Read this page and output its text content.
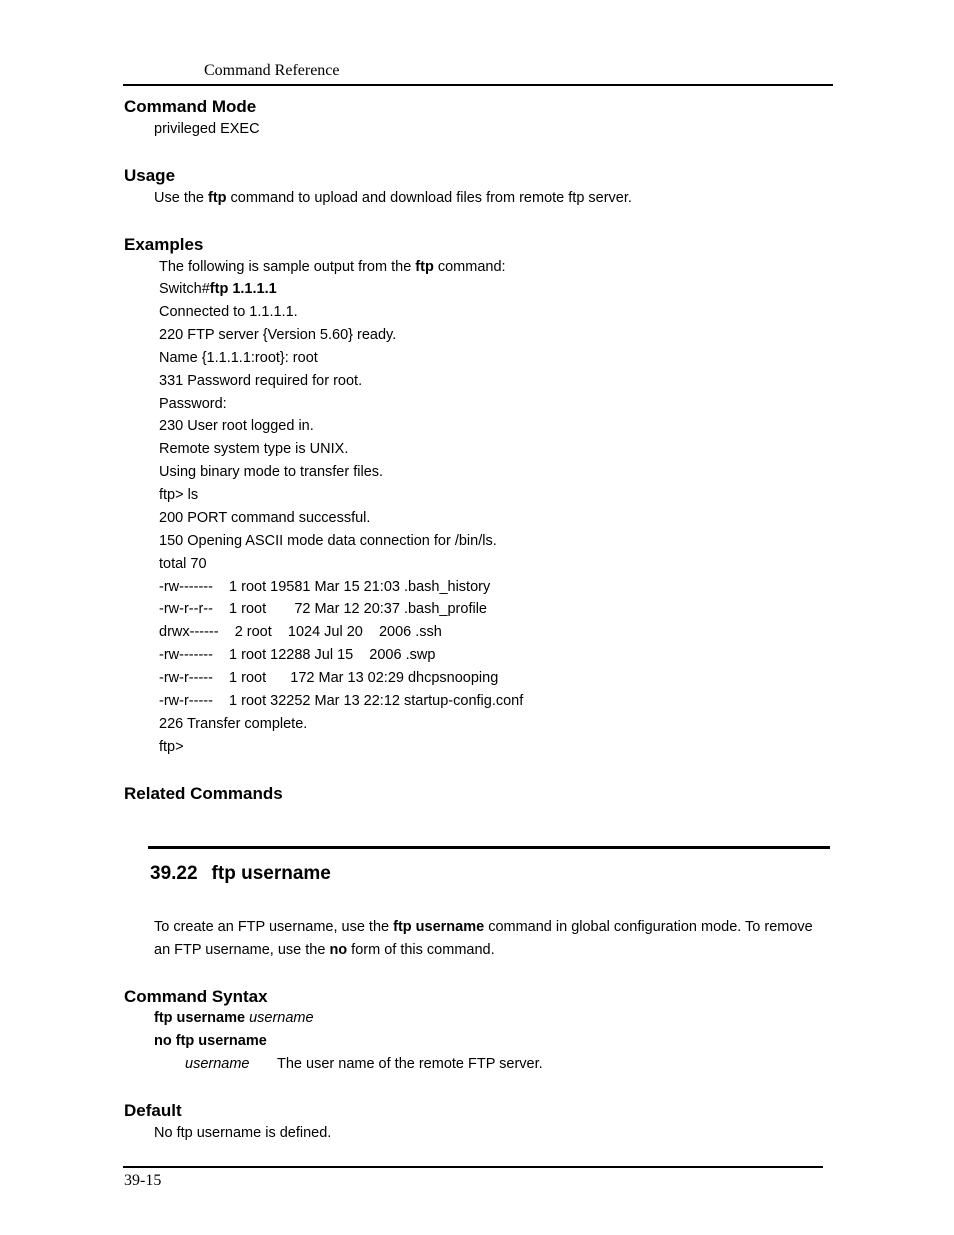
Command Reference
Command Mode
privileged EXEC
Usage
Use the ftp command to upload and download files from remote ftp server.
Examples
The following is sample output from the ftp command:
Switch#ftp 1.1.1.1
Connected to 1.1.1.1.
220 FTP server {Version 5.60} ready.
Name {1.1.1.1:root}: root
331 Password required for root.
Password:
230 User root logged in.
Remote system type is UNIX.
Using binary mode to transfer files.
ftp> ls
200 PORT command successful.
150 Opening ASCII mode data connection for /bin/ls.
total 70
-rw-------    1 root 19581 Mar 15 21:03 .bash_history
-rw-r--r--    1 root       72 Mar 12 20:37 .bash_profile
drwx------    2 root    1024 Jul 20    2006 .ssh
-rw-------    1 root 12288 Jul 15    2006 .swp
-rw-r-----    1 root      172 Mar 13 02:29 dhcpsnooping
-rw-r-----    1 root 32252 Mar 13 22:12 startup-config.conf
226 Transfer complete.
ftp>
Related Commands
39.22 ftp username
To create an FTP username, use the ftp username command in global configuration mode. To remove
an FTP username, use the no form of this command.
Command Syntax
ftp username username
no ftp username
username The user name of the remote FTP server.
Default
No ftp username is defined.
39-15
